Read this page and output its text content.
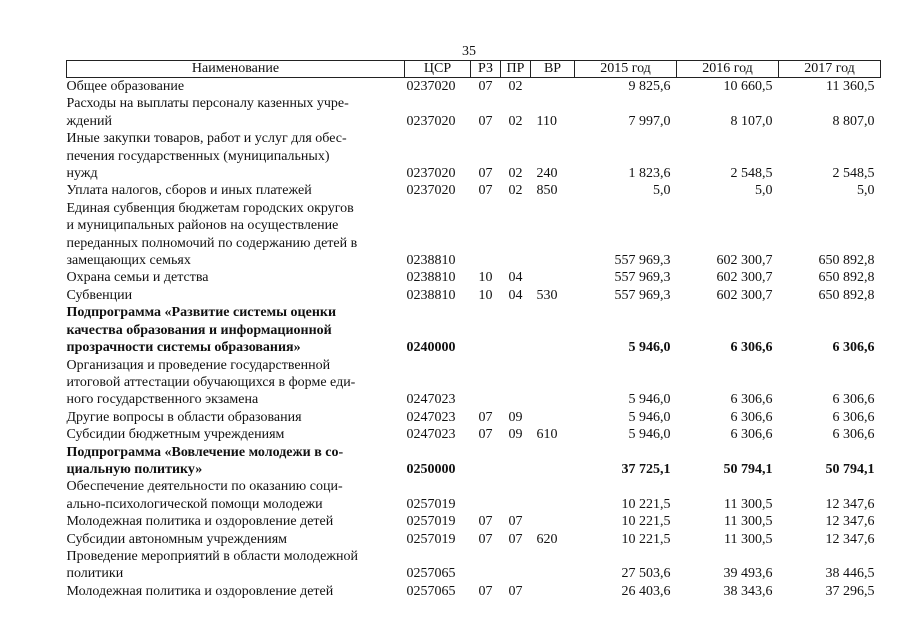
35
Наименование	ЦСР	РЗ	ПР	ВР	2015 год	2016 год	2017 год
Общее образование	0237020	07	02		9 825,6	10 660,5	11 360,5
Расходы на выплаты персоналу казенных учре-
ждений	0237020	07	02	110	7 997,0	8 107,0	8 807,0
Иные закупки товаров, работ и услуг для обес-
печения государственных (муниципальных)
нужд	0237020	07	02	240	1 823,6	2 548,5	2 548,5
Уплата налогов, сборов и иных платежей	0237020	07	02	850	5,0	5,0	5,0
Единая субвенция бюджетам городских округов
и муниципальных районов на осуществление
переданных полномочий по содержанию детей в
замещающих семьях	0238810				557 969,3	602 300,7	650 892,8
Охрана семьи и детства	0238810	10	04		557 969,3	602 300,7	650 892,8
Субвенции	0238810	10	04	530	557 969,3	602 300,7	650 892,8
Подпрограмма «Развитие системы оценки
качества образования и информационной
прозрачности системы образования»	0240000				5 946,0	6 306,6	6 306,6
Организация и проведение государственной
итоговой аттестации обучающихся в форме еди-
ного государственного экзамена	0247023				5 946,0	6 306,6	6 306,6
Другие вопросы в области образования	0247023	07	09		5 946,0	6 306,6	6 306,6
Субсидии бюджетным учреждениям	0247023	07	09	610	5 946,0	6 306,6	6 306,6
Подпрограмма «Вовлечение молодежи в со-
циальную политику»	0250000				37 725,1	50 794,1	50 794,1
Обеспечение деятельности по оказанию соци-
ально-психологической помощи молодежи	0257019				10 221,5	11 300,5	12 347,6
Молодежная политика и оздоровление детей	0257019	07	07		10 221,5	11 300,5	12 347,6
Субсидии автономным учреждениям	0257019	07	07	620	10 221,5	11 300,5	12 347,6
Проведение мероприятий в области молодежной
политики	0257065				27 503,6	39 493,6	38 446,5
Молодежная политика и оздоровление детей	0257065	07	07		26 403,6	38 343,6	37 296,5
